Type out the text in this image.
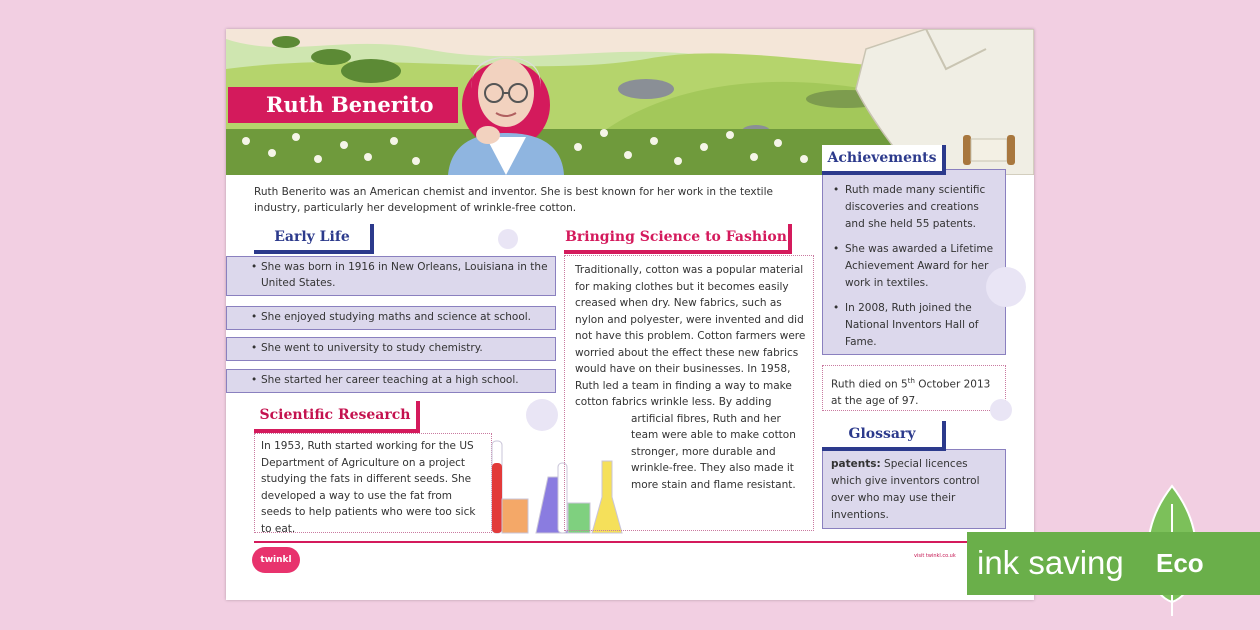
Ruth Benerito
Ruth Benerito was an American chemist and inventor. She is best known for her work in the textile industry, particularly her development of wrinkle-free cotton.
Early Life
• She was born in 1916 in New Orleans, Louisiana in the United States.
• She enjoyed studying maths and science at school.
• She went to university to study chemistry.
• She started her career teaching at a high school.
Scientific Research
In 1953, Ruth started working for the US Department of Agriculture on a project studying the fats in different seeds. She developed a way to use the fat from seeds to help patients who were too sick to eat.
Bringing Science to Fashion
Traditionally, cotton was a popular material for making clothes but it becomes easily creased when dry. New fabrics, such as nylon and polyester, were invented and did not have this problem. Cotton farmers were worried about the effect these new fabrics would have on their businesses. In 1958, Ruth led a team in finding a way to make cotton fabrics wrinkle less. By adding
artificial fibres, Ruth and her team were able to make cotton stronger, more durable and wrinkle-free. They also made it more stain and flame resistant.
Achievements
• Ruth made many scientific discoveries and creations and she held 55 patents.
• She was awarded a Lifetime Achievement Award for her work in textiles.
• In 2008, Ruth joined the National Inventors Hall of Fame.
Ruth died on 5th October 2013 at the age of 97.
Glossary
patents: Special licences which give inventors control over who may use their inventions.
twinkl	visit twinkl.co.uk ink saving Eco
